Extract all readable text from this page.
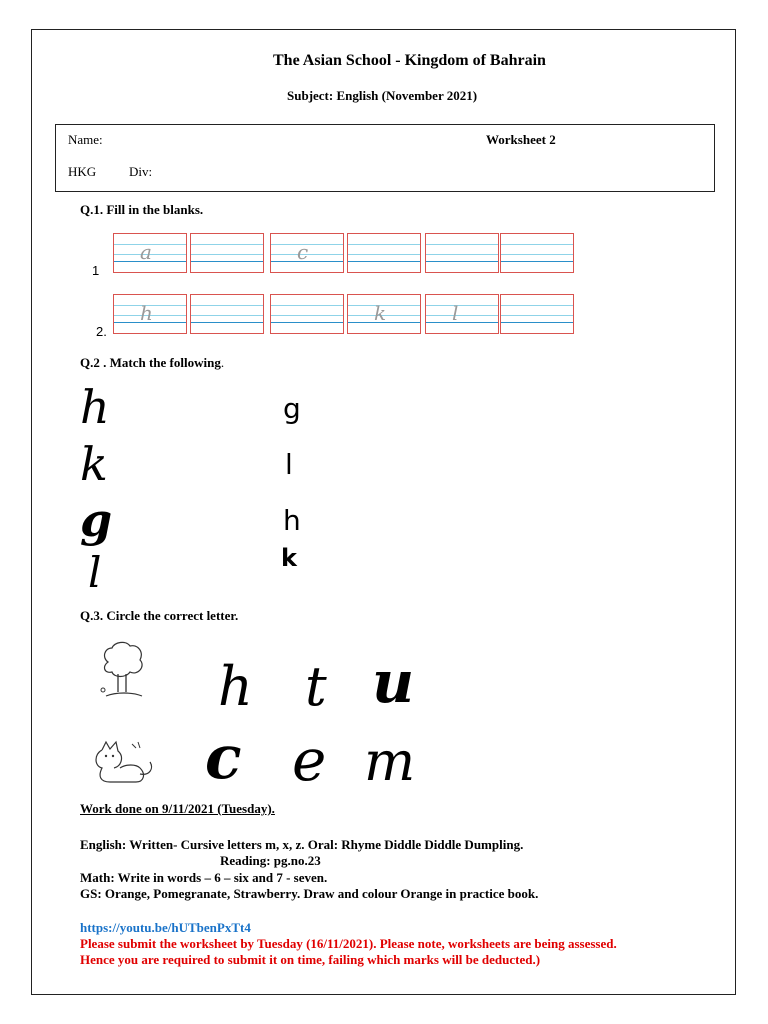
The Asian School - Kingdom of Bahrain
Subject: English (November 2021)
Name:	Worksheet 2
HKG	Div:
Q.1. Fill in the blanks.
a	c
1
h	k	l
2.
Q.2 . Match the following.
h
k
g
l
g
l
h
k
Q.3. Circle the correct letter.
h t u
c e m
Work done on 9/11/2021 (Tuesday).
English: Written- Cursive letters m, x, z. Oral: Rhyme Diddle Diddle Dumpling.
Reading: pg.no.23
Math: Write in words – 6 – six and 7 - seven.
GS: Orange, Pomegranate, Strawberry. Draw and colour Orange in practice book.
https://youtu.be/hUTbenPxTt4
Please submit the worksheet by Tuesday (16/11/2021). Please note, worksheets are being assessed.
Hence you are required to submit it on time, failing which marks will be deducted.)
